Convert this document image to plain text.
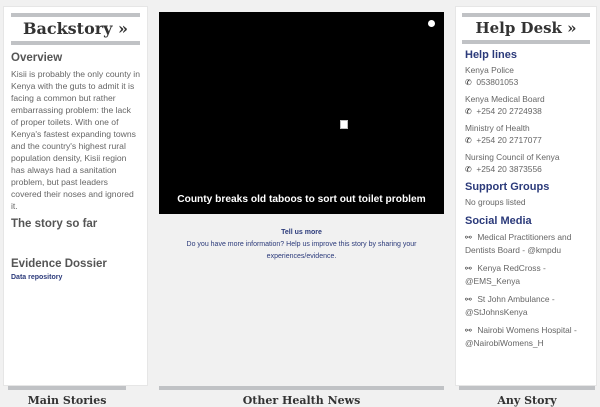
Backstory »
Overview
Kisii is probably the only county in Kenya with the guts to admit it is facing a common but rather embarrassing problem: the lack of proper toilets. With one of Kenya's fastest expanding towns and the country's highest rural population density, Kisii region has always had a sanitation problem, but past leaders covered their noses and ignored it.
The story so far
Evidence Dossier
Data repository
County breaks old taboos to sort out toilet problem
Tell us more
Do you have more information? Help us improve this story by sharing your experiences/evidence.
Help Desk »
Help lines
Kenya Police
✆ 053801053
Kenya Medical Board
✆ +254 20 2724938
Ministry of Health
✆ +254 20 2717077
Nursing Council of Kenya
✆ +254 20 3873556
Support Groups
No groups listed
Social Media
⚯ Medical Practitioners and Dentists Board - @kmpdu
⚯ Kenya RedCross - @EMS_Kenya
⚯ St John Ambulance - @StJohnsKenya
⚯ Nairobi Womens Hospital - @NairobiWomens_H
Main Stories	Other Health News	Any Story
